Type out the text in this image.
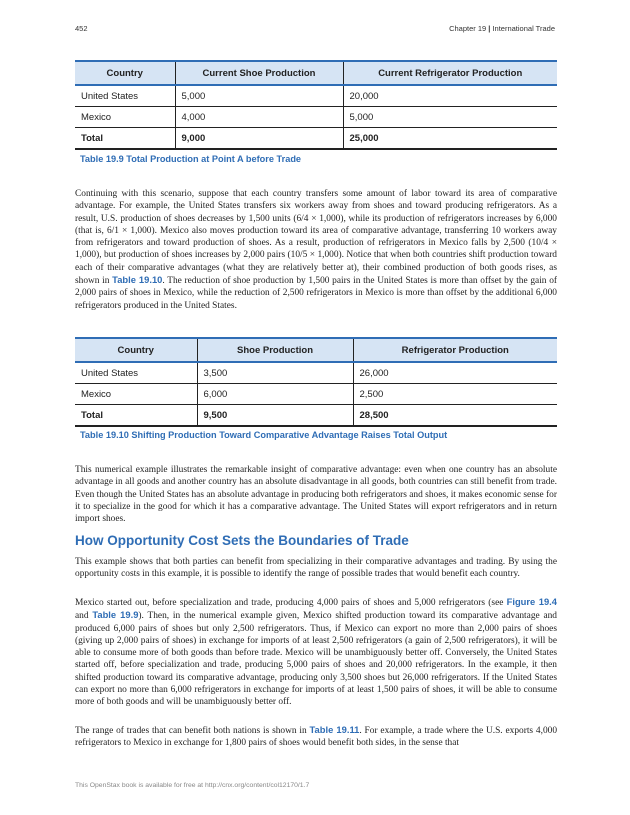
452	Chapter 19 | International Trade
Country	Current Shoe Production	Current Refrigerator Production
United States	5,000	20,000
Mexico	4,000	5,000
Total	9,000	25,000
Table 19.9 Total Production at Point A before Trade

Continuing with this scenario, suppose that each country transfers some amount of labor toward its area of comparative advantage. For example, the United States transfers six workers away from shoes and toward producing refrigerators. As a result, U.S. production of shoes decreases by 1,500 units (6/4 × 1,000), while its production of refrigerators increases by 6,000 (that is, 6/1 × 1,000). Mexico also moves production toward its area of comparative advantage, transferring 10 workers away from refrigerators and toward production of shoes. As a result, production of refrigerators in Mexico falls by 2,500 (10/4 × 1,000), but production of shoes increases by 2,000 pairs (10/5 × 1,000). Notice that when both countries shift production toward each of their comparative advantages (what they are relatively better at), their combined production of both goods rises, as shown in Table 19.10. The reduction of shoe production by 1,500 pairs in the United States is more than offset by the gain of 2,000 pairs of shoes in Mexico, while the reduction of 2,500 refrigerators in Mexico is more than offset by the additional 6,000 refrigerators produced in the United States.

Country	Shoe Production	Refrigerator Production
United States	3,500	26,000
Mexico	6,000	2,500
Total	9,500	28,500
Table 19.10 Shifting Production Toward Comparative Advantage Raises Total Output

This numerical example illustrates the remarkable insight of comparative advantage: even when one country has an absolute advantage in all goods and another country has an absolute disadvantage in all goods, both countries can still benefit from trade. Even though the United States has an absolute advantage in producing both refrigerators and shoes, it makes economic sense for it to specialize in the good for which it has a comparative advantage. The United States will export refrigerators and in return import shoes.

How Opportunity Cost Sets the Boundaries of Trade

This example shows that both parties can benefit from specializing in their comparative advantages and trading. By using the opportunity costs in this example, it is possible to identify the range of possible trades that would benefit each country.

Mexico started out, before specialization and trade, producing 4,000 pairs of shoes and 5,000 refrigerators (see Figure 19.4 and Table 19.9). Then, in the numerical example given, Mexico shifted production toward its comparative advantage and produced 6,000 pairs of shoes but only 2,500 refrigerators. Thus, if Mexico can export no more than 2,000 pairs of shoes (giving up 2,000 pairs of shoes) in exchange for imports of at least 2,500 refrigerators (a gain of 2,500 refrigerators), it will be able to consume more of both goods than before trade. Mexico will be unambiguously better off. Conversely, the United States started off, before specialization and trade, producing 5,000 pairs of shoes and 20,000 refrigerators. In the example, it then shifted production toward its comparative advantage, producing only 3,500 shoes but 26,000 refrigerators. If the United States can export no more than 6,000 refrigerators in exchange for imports of at least 1,500 pairs of shoes, it will be able to consume more of both goods and will be unambiguously better off.

The range of trades that can benefit both nations is shown in Table 19.11. For example, a trade where the U.S. exports 4,000 refrigerators to Mexico in exchange for 1,800 pairs of shoes would benefit both sides, in the sense that

This OpenStax book is available for free at http://cnx.org/content/col12170/1.7
